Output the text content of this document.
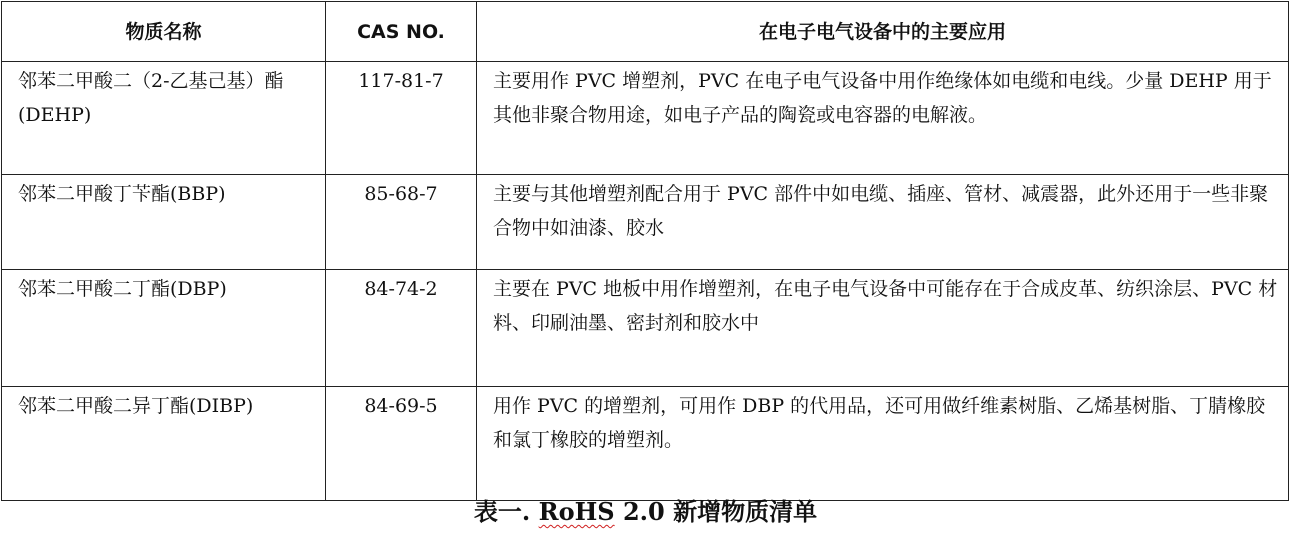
物质名称	CAS NO.	在电子电气设备中的主要应用
邻苯二甲酸二（2-乙基己基）酯(DEHP)	117-81-7	主要用作 PVC 增塑剂，PVC 在电子电气设备中用作绝缘体如电缆和电线。少量 DEHP 用于其他非聚合物用途，如电子产品的陶瓷或电容器的电解液。
邻苯二甲酸丁苄酯(BBP)	85-68-7	主要与其他增塑剂配合用于 PVC 部件中如电缆、插座、管材、减震器，此外还用于一些非聚合物中如油漆、胶水
邻苯二甲酸二丁酯(DBP)	84-74-2	主要在 PVC 地板中用作增塑剂，在电子电气设备中可能存在于合成皮革、纺织涂层、PVC 材料、印刷油墨、密封剂和胶水中
邻苯二甲酸二异丁酯(DIBP)	84-69-5	用作 PVC 的增塑剂，可用作 DBP 的代用品，还可用做纤维素树脂、乙烯基树脂、丁腈橡胶和氯丁橡胶的增塑剂。
表一. RoHS 2.0 新增物质清单
